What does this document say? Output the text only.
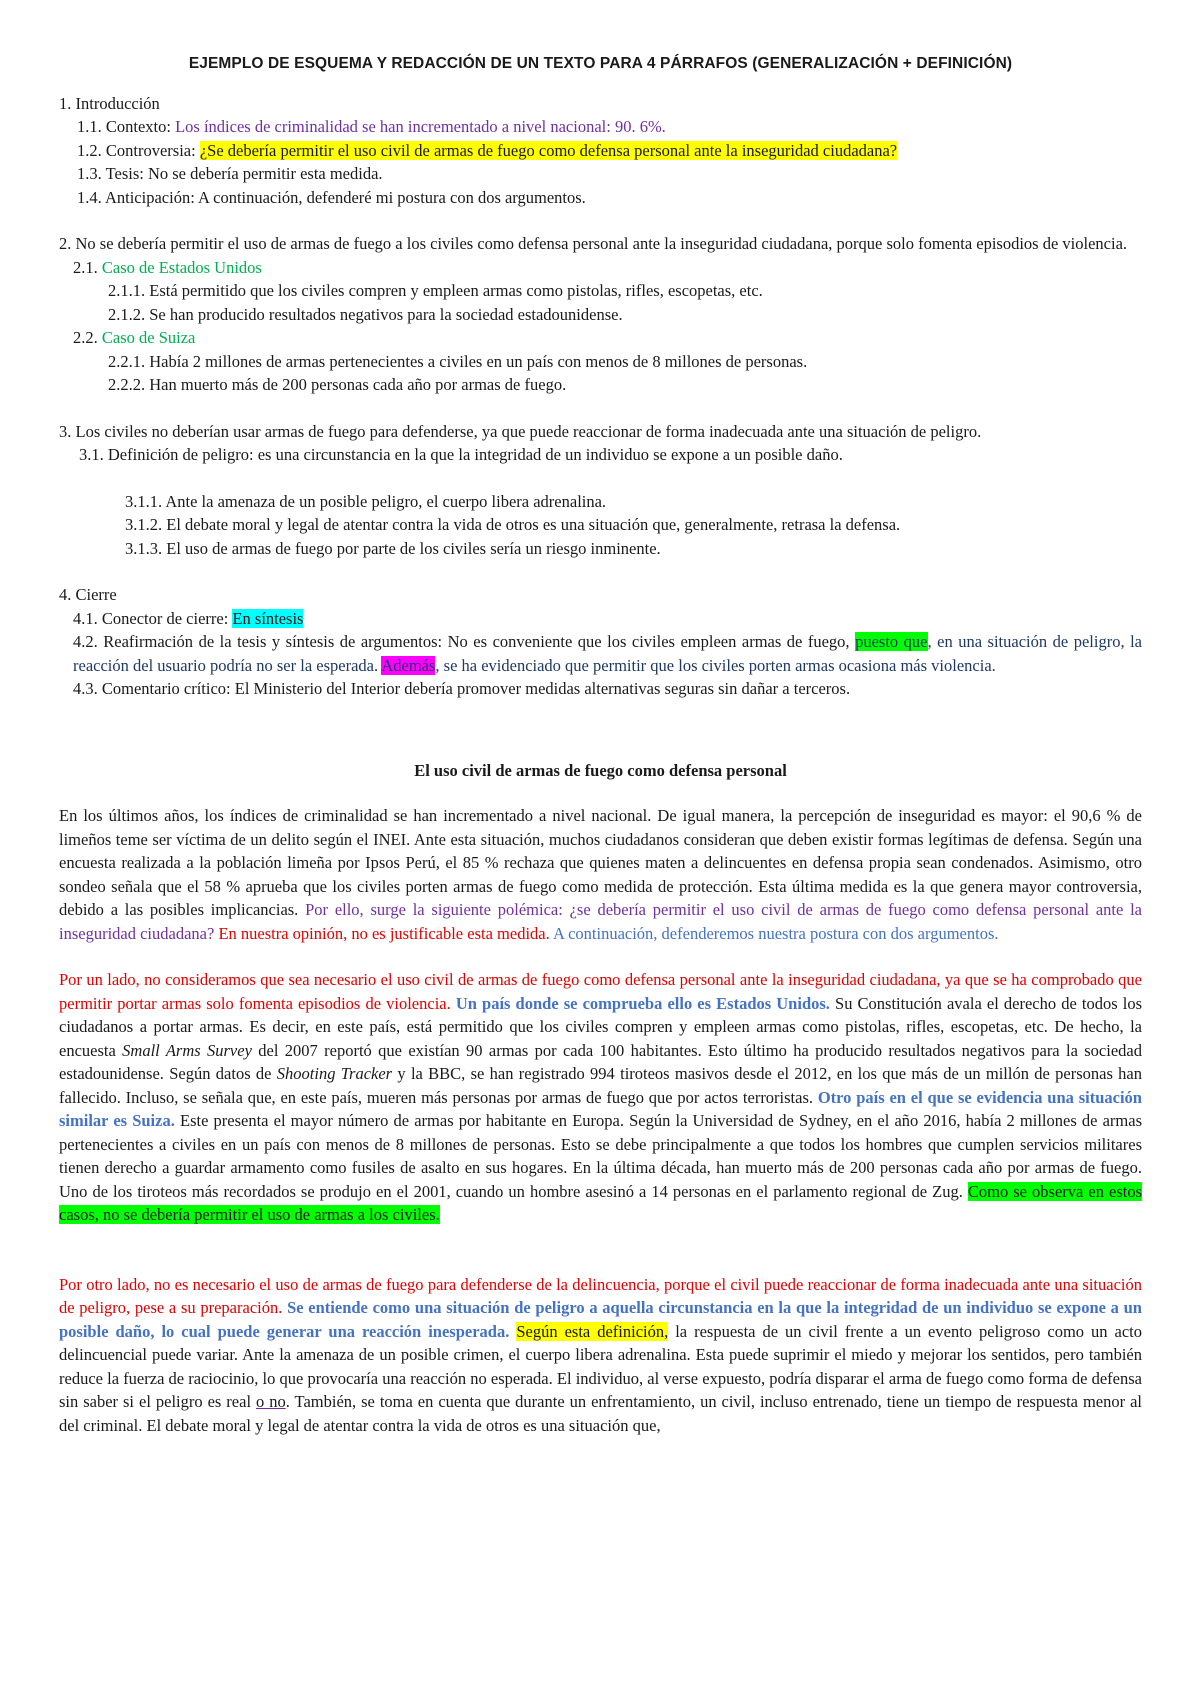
EJEMPLO DE ESQUEMA Y REDACCIÓN DE UN TEXTO PARA 4 PÁRRAFOS (GENERALIZACIÓN + DEFINICIÓN)

1. Introducción

1.1. Contexto: Los índices de criminalidad se han incrementado a nivel nacional: 90. 6%.

1.2. Controversia: ¿Se debería permitir el uso civil de armas de fuego como defensa personal ante la inseguridad ciudadana?

1.3. Tesis: No se debería permitir esta medida.

1.4. Anticipación: A continuación, defenderé mi postura con dos argumentos.

2. No se debería permitir el uso de armas de fuego a los civiles como defensa personal ante la inseguridad ciudadana, porque solo fomenta episodios de violencia.

2.1. Caso de Estados Unidos

2.1.1. Está permitido que los civiles compren y empleen armas como pistolas, rifles, escopetas, etc.

2.1.2. Se han producido resultados negativos para la sociedad estadounidense.

2.2. Caso de Suiza

2.2.1. Había 2 millones de armas pertenecientes a civiles en un país con menos de 8 millones de personas.

2.2.2. Han muerto más de 200 personas cada año por armas de fuego.

3. Los civiles no deberían usar armas de fuego para defenderse, ya que puede reaccionar de forma inadecuada ante una situación de peligro.

3.1. Definición de peligro: es una circunstancia en la que la integridad de un individuo se expone a un posible daño.

3.1.1. Ante la amenaza de un posible peligro, el cuerpo libera adrenalina.

3.1.2. El debate moral y legal de atentar contra la vida de otros es una situación que, generalmente, retrasa la defensa.

3.1.3. El uso de armas de fuego por parte de los civiles sería un riesgo inminente.

4. Cierre

4.1. Conector de cierre: En síntesis

4.2. Reafirmación de la tesis y síntesis de argumentos: No es conveniente que los civiles empleen armas de fuego, puesto que, en una situación de peligro, la reacción del usuario podría no ser la esperada. Además, se ha evidenciado que permitir que los civiles porten armas ocasiona más violencia.

4.3. Comentario crítico: El Ministerio del Interior debería promover medidas alternativas seguras sin dañar a terceros.

El uso civil de armas de fuego como defensa personal

En los últimos años, los índices de criminalidad se han incrementado a nivel nacional. De igual manera, la percepción de inseguridad es mayor: el 90,6 % de limeños teme ser víctima de un delito según el INEI. Ante esta situación, muchos ciudadanos consideran que deben existir formas legítimas de defensa. Según una encuesta realizada a la población limeña por Ipsos Perú, el 85 % rechaza que quienes maten a delincuentes en defensa propia sean condenados. Asimismo, otro sondeo señala que el 58 % aprueba que los civiles porten armas de fuego como medida de protección. Esta última medida es la que genera mayor controversia, debido a las posibles implicancias. Por ello, surge la siguiente polémica: ¿se debería permitir el uso civil de armas de fuego como defensa personal ante la inseguridad ciudadana? En nuestra opinión, no es justificable esta medida. A continuación, defenderemos nuestra postura con dos argumentos.

Por un lado, no consideramos que sea necesario el uso civil de armas de fuego como defensa personal ante la inseguridad ciudadana, ya que se ha comprobado que permitir portar armas solo fomenta episodios de violencia. Un país donde se comprueba ello es Estados Unidos. Su Constitución avala el derecho de todos los ciudadanos a portar armas. Es decir, en este país, está permitido que los civiles compren y empleen armas como pistolas, rifles, escopetas, etc. De hecho, la encuesta Small Arms Survey del 2007 reportó que existían 90 armas por cada 100 habitantes. Esto último ha producido resultados negativos para la sociedad estadounidense. Según datos de Shooting Tracker y la BBC, se han registrado 994 tiroteos masivos desde el 2012, en los que más de un millón de personas han fallecido. Incluso, se señala que, en este país, mueren más personas por armas de fuego que por actos terroristas. Otro país en el que se evidencia una situación similar es Suiza. Este presenta el mayor número de armas por habitante en Europa. Según la Universidad de Sydney, en el año 2016, había 2 millones de armas pertenecientes a civiles en un país con menos de 8 millones de personas. Esto se debe principalmente a que todos los hombres que cumplen servicios militares tienen derecho a guardar armamento como fusiles de asalto en sus hogares. En la última década, han muerto más de 200 personas cada año por armas de fuego. Uno de los tiroteos más recordados se produjo en el 2001, cuando un hombre asesinó a 14 personas en el parlamento regional de Zug. Como se observa en estos casos, no se debería permitir el uso de armas a los civiles.

Por otro lado, no es necesario el uso de armas de fuego para defenderse de la delincuencia, porque el civil puede reaccionar de forma inadecuada ante una situación de peligro, pese a su preparación. Se entiende como una situación de peligro a aquella circunstancia en la que la integridad de un individuo se expone a un posible daño, lo cual puede generar una reacción inesperada. Según esta definición, la respuesta de un civil frente a un evento peligroso como un acto delincuencial puede variar. Ante la amenaza de un posible crimen, el cuerpo libera adrenalina. Esta puede suprimir el miedo y mejorar los sentidos, pero también reduce la fuerza de raciocinio, lo que provocaría una reacción no esperada. El individuo, al verse expuesto, podría disparar el arma de fuego como forma de defensa sin saber si el peligro es real o no. También, se toma en cuenta que durante un enfrentamiento, un civil, incluso entrenado, tiene un tiempo de respuesta menor al del criminal. El debate moral y legal de atentar contra la vida de otros es una situación que,
